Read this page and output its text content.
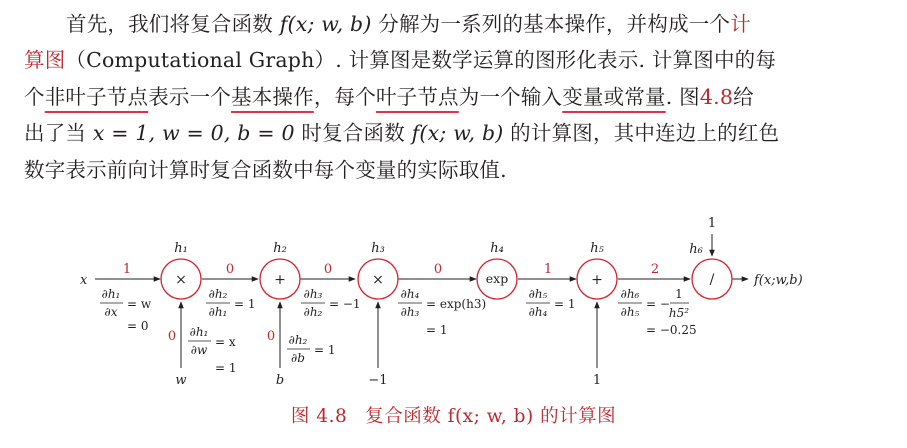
首先，我们将复合函数 f(x; w, b) 分解为一系列的基本操作，并构成一个计
算图（Computational Graph）. 计算图是数学运算的图形化表示. 计算图中的每
个非叶子节点表示一个基本操作，每个叶子节点为一个输入变量或常量. 图4.8给
出了当 x = 1, w = 0, b = 0 时复合函数 f(x; w, b) 的计算图，其中连边上的红色
数字表示前向计算时复合函数中每个变量的实际取值.
×	+	×	exp	+	/
h₁	h₂	h₃	h₄	h₅	h₆
x
w	b	−1	1
1
f(x;w,b)
1	0	0	0	1	2
0	0
∂h₁
∂x
= w
= 0
∂h₂
∂h₁
= 1
∂h₃
∂h₂
= −1
∂h₄
∂h₃
= exp(h3)
= 1
∂h₅
∂h₄
= 1
∂h₆
∂h₅
= −
1
h5²
= −0.25
∂h₁
∂w
= x
= 1
∂h₂
∂b
= 1
图 4.8 复合函数 f(x; w, b) 的计算图
